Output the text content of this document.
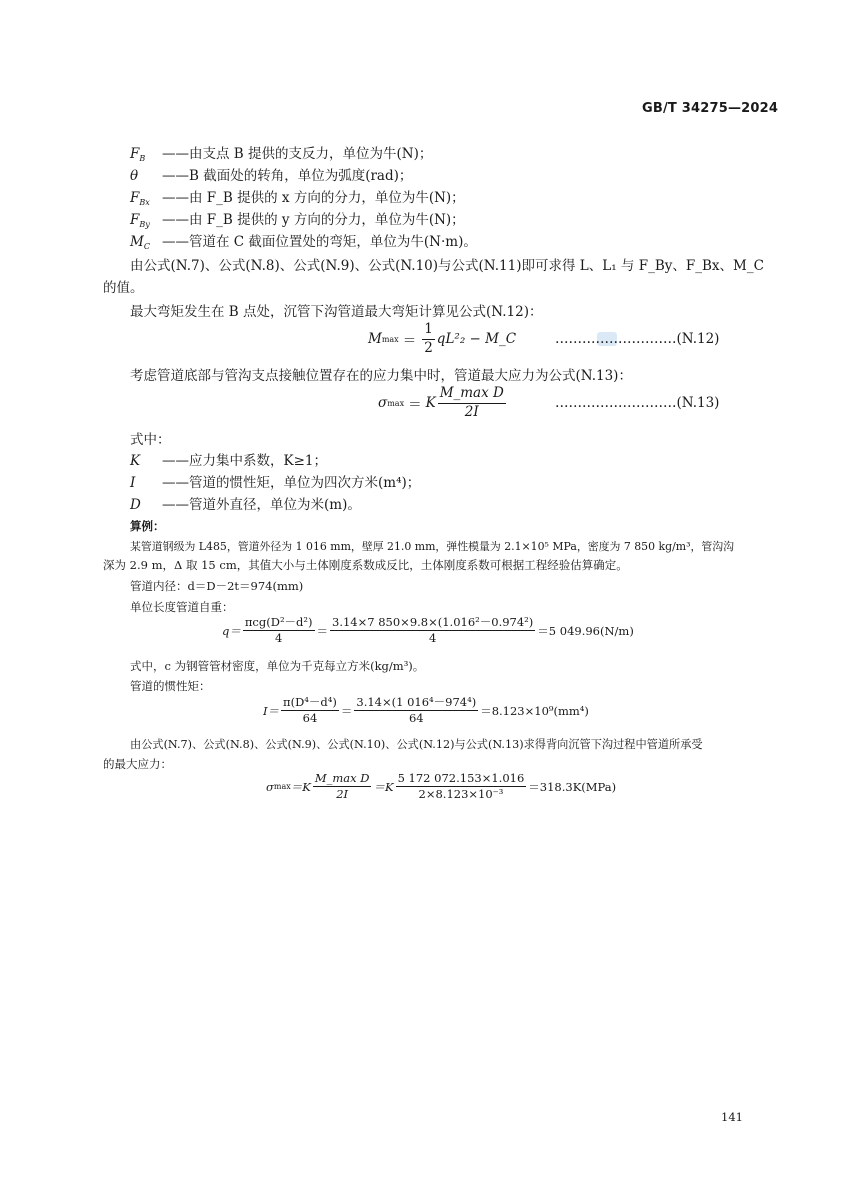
GB/T 34275—2024
$F_B$ ——由支点 B 提供的支反力，单位为牛(N)；
θ ——B 截面处的转角，单位为弧度(rad)；
$F_{Bx}$ ——由 F_B 提供的 x 方向的分力，单位为牛(N)；
$F_{By}$ ——由 F_B 提供的 y 方向的分力，单位为牛(N)；
$M_C$ ——管道在 C 截面位置处的弯矩，单位为牛(N·m)。
由公式(N.7)、公式(N.8)、公式(N.9)、公式(N.10)与公式(N.11)即可求得 L、L₁ 与 F_By、F_Bx、M_C
的值。
最大弯矩发生在 B 点处，沉管下沟管道最大弯矩计算见公式(N.12)：
M $\max = \frac{1}{2} qL^2_2$ − M_C	………………………(N.12)
考虑管道底部与管沟支点接触位置存在的应力集中时，管道最大应力为公式(N.13)：
σ max ＝ K $\frac{\text{M\_max D}}{2I}$	………………………(N.13)
式中：
K ——应力集中系数，K≥1；
I ——管道的惯性矩，单位为四次方米(m⁴)；
D ——管道外直径，单位为米(m)。
算例：
某管道钢级为 L485，管道外径为 1 016 mm，壁厚 21.0 mm，弹性模量为 2.1×10⁵ MPa，密度为 7 850 kg/m³，管沟沟
深为 2.9 m，Δ 取 15 cm，其值大小与土体刚度系数成反比，土体刚度系数可根据工程经验估算确定。
管道内径：d＝D－2t＝974(mm)
单位长度管道自重：
$q= \frac{\text{πcg(D²－d²)}}{4} = \frac{\text{3.14×7 850×9.8×(1.016²－0.974²)}}{4} =5$ 049.96(N/m)
式中，c 为钢管管材密度，单位为千克每立方米(kg/m³)。
管道的惯性矩：
$I= \frac{\text{π(D⁴－d⁴)}}{64} = \frac{\text{3.14×(1 016⁴－974⁴)}}{64} =8.123\times 10^9(mm^4)$
由公式(N.7)、公式(N.8)、公式(N.9)、公式(N.10)、公式(N.12)与公式(N.13)求得背向沉管下沟过程中管道所承受
的最大应力：
σ $\max =K \frac{\text{M\_max D}}{2I} =K \frac{5 172 072.153\times 1.016}{\text{2×8.123×10⁻³}} =318.3K(MPa)$
141
